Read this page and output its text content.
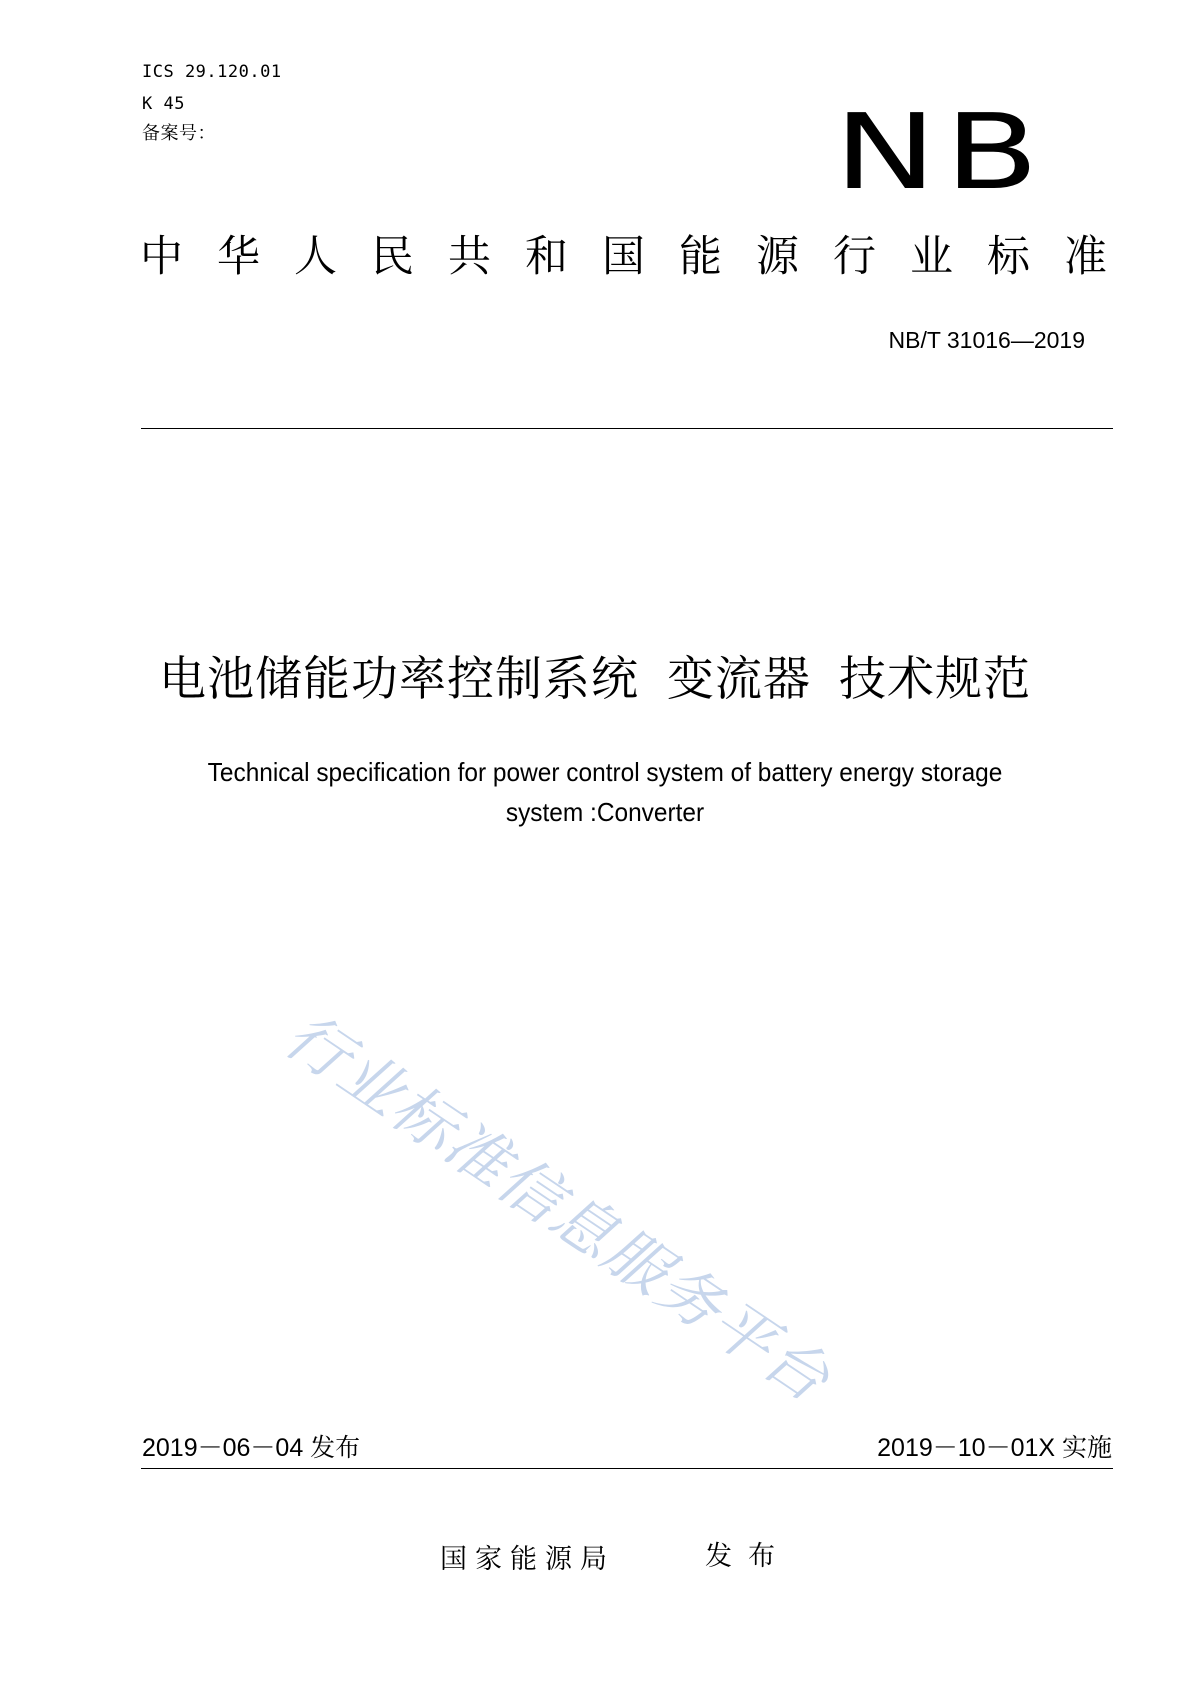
ICS 29.120.01
K 45
备案号：	NB
中华人民共和国能源行业标准
NB/T 31016—2019
电池储能功率控制系统 变流器 技术规范
Technical specification for power control system of battery energy storage
system :Converter
行业标准信息服务平台
2019－06－04 发布	2019－10－01X 实施
国家能源局	发布
